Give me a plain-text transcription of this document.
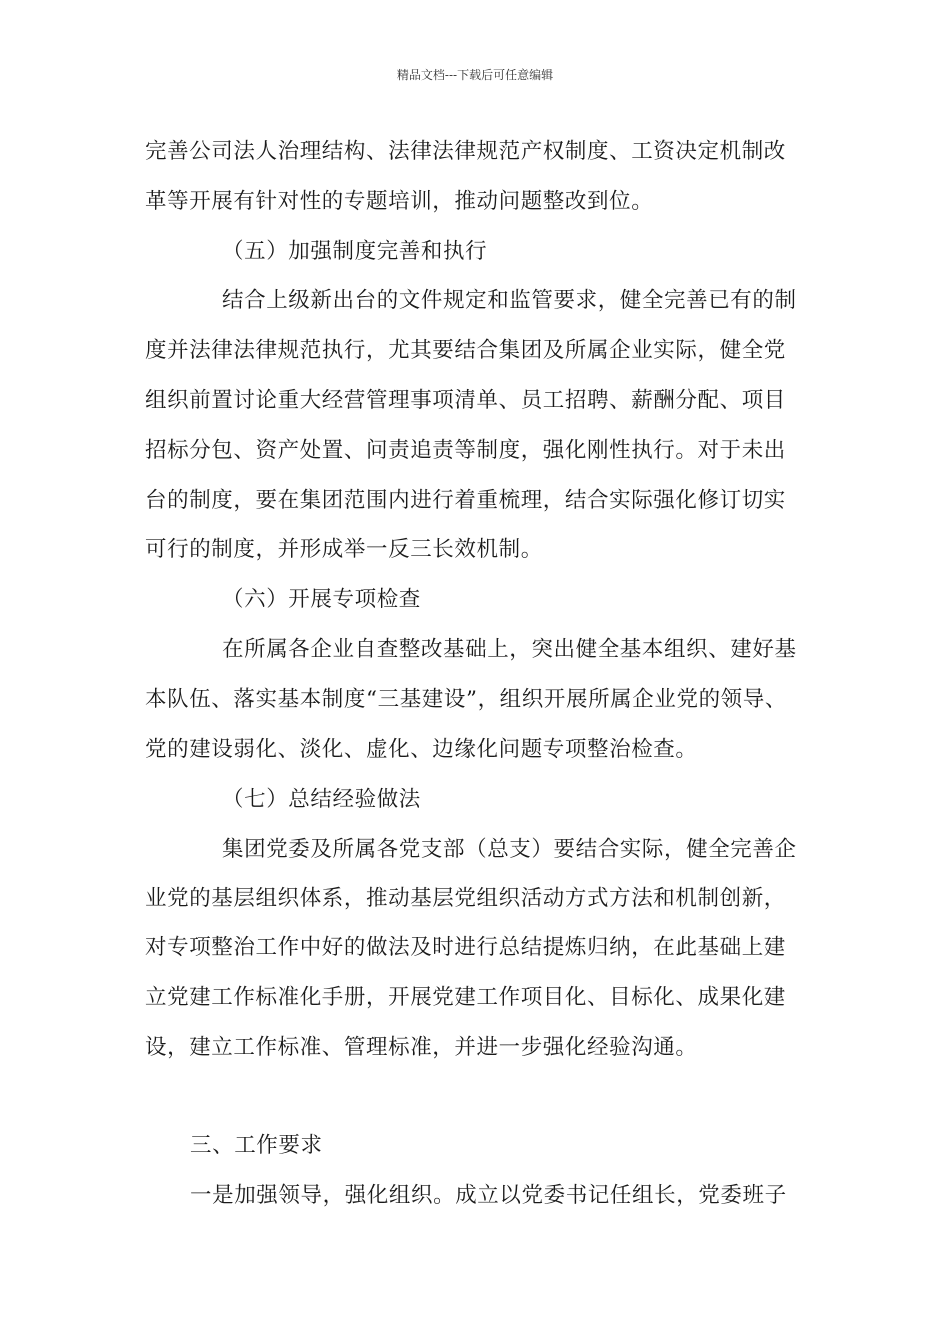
精品文档---下载后可任意编辑
完善公司法人治理结构、法律法律规范产权制度、工资决定机制改
革等开展有针对性的专题培训，推动问题整改到位。
（五）加强制度完善和执行
结合上级新出台的文件规定和监管要求，健全完善已有的制
度并法律法律规范执行，尤其要结合集团及所属企业实际，健全党
组织前置讨论重大经营管理事项清单、员工招聘、薪酬分配、项目
招标分包、资产处置、问责追责等制度，强化刚性执行。对于未出
台的制度，要在集团范围内进行着重梳理，结合实际强化修订切实
可行的制度，并形成举一反三长效机制。
（六）开展专项检查
在所属各企业自查整改基础上，突出健全基本组织、建好基
本队伍、落实基本制度“三基建设”，组织开展所属企业党的领导、
党的建设弱化、淡化、虚化、边缘化问题专项整治检查。
（七）总结经验做法
集团党委及所属各党支部（总支）要结合实际，健全完善企
业党的基层组织体系，推动基层党组织活动方式方法和机制创新，
对专项整治工作中好的做法及时进行总结提炼归纳，在此基础上建
立党建工作标准化手册，开展党建工作项目化、目标化、成果化建
设，建立工作标准、管理标准，并进一步强化经验沟通。
三、工作要求
一是加强领导，强化组织。成立以党委书记任组长，党委班子
